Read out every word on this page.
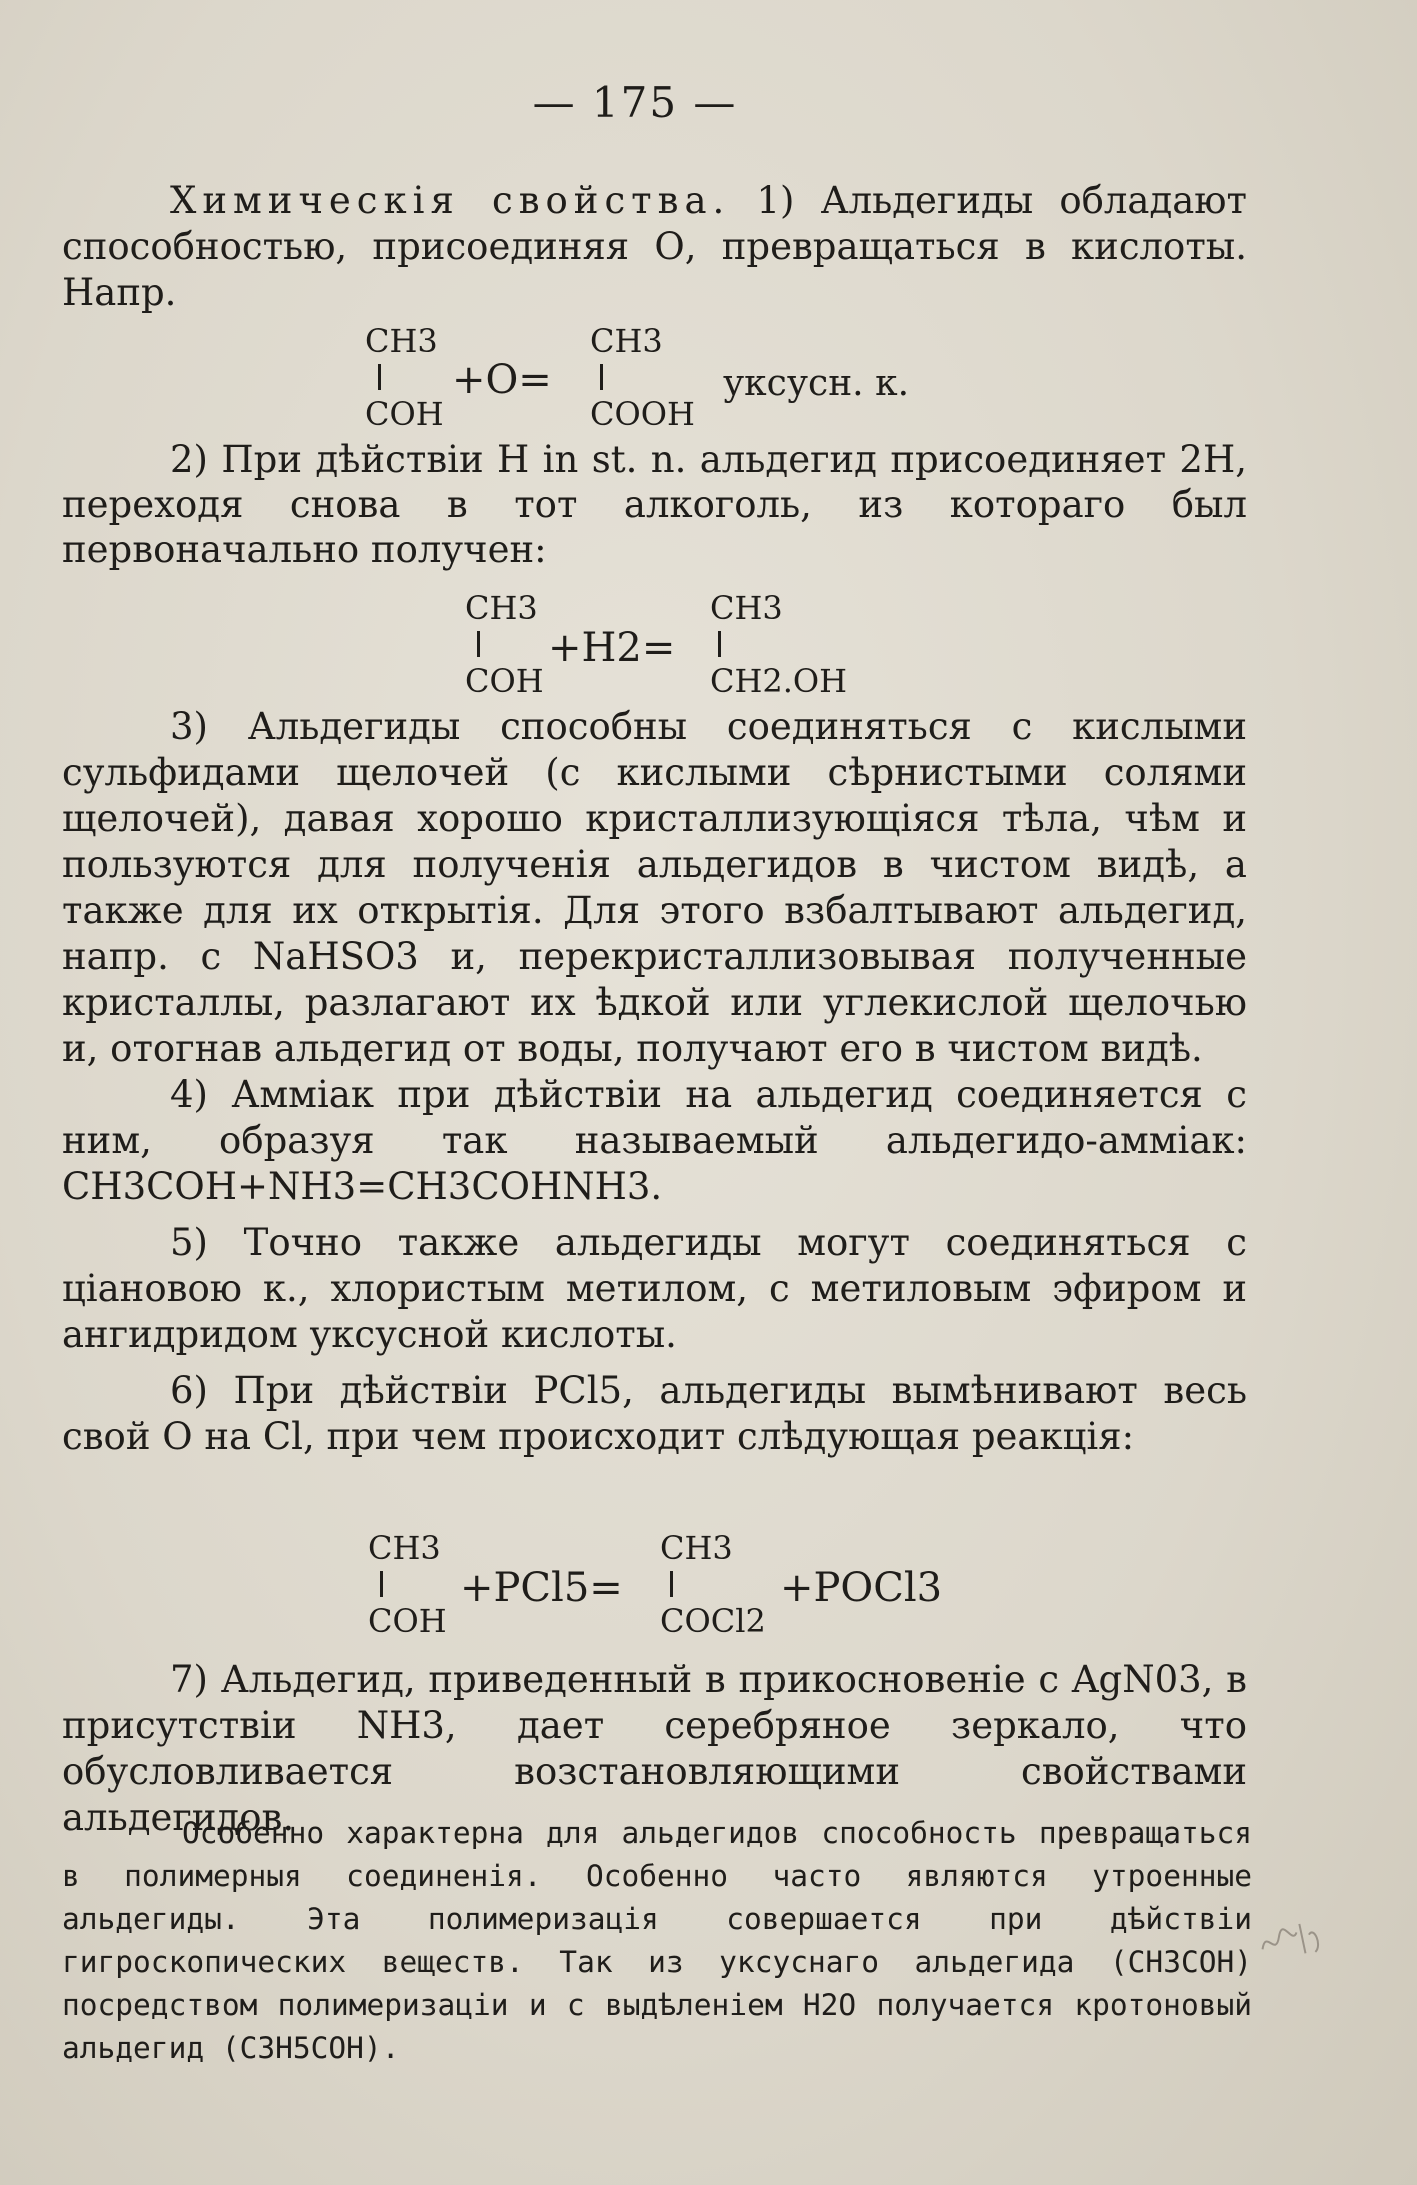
— 175 —

Химическія свойства. 1) Альдегиды обладают способностью, присоединяя О, превращаться в кислоты. Напр.

CH3
COH
+O=
CH3
COOH
уксусн. к.

2) При дѣйствіи H in st. n. альдегид присоединяет 2H, переходя снова в тот алкоголь, из котораго был первоначально получен:

CH3
COH
+H2=
CH3
CH2.OH

3) Альдегиды способны соединяться с кислыми сульфидами щелочей (с кислыми сѣрнистыми солями щелочей), давая хорошо кристаллизующіяся тѣла, чѣм и пользуются для полученія альдегидов в чистом видѣ, а также для их открытія. Для этого взбалтывают альдегид, напр. с NaHSO3 и, перекристаллизовывая полученные кристаллы, разлагают их ѣдкой или углекислой щелочью и, отогнав альдегид от воды, получают его в чистом видѣ.

4) Амміак при дѣйствіи на альдегид соединяется с ним, образуя так называемый альдегидо-амміак: CH3COH+NH3=CH3COHNH3.

5) Точно также альдегиды могут соединяться с ціановою к., хлористым метилом, с метиловым эфиром и ангидридом уксусной кислоты.

6) При дѣйствіи PCl5, альдегиды вымѣнивают весь свой О на Cl, при чем происходит слѣдующая реакція:

CH3
COH
+PCl5=
CH3
COCl2
+POCl3

7) Альдегид, приведенный в прикосновеніе с AgN03, в присутствіи NH3, дает серебряное зеркало, что обусловливается возстановляющими свойствами альдегидов.

Особенно характерна для альдегидов способность превращаться в полимерныя соединенія. Особенно часто являются утроенные альдегиды. Эта полимеризація совершается при дѣйствіи гигроскопических веществ. Так из уксуснаго альдегида (CH3COH) посредством полимеризаціи и с выдѣленіем H2O получается кротоновый альдегид (C3H5COH).
